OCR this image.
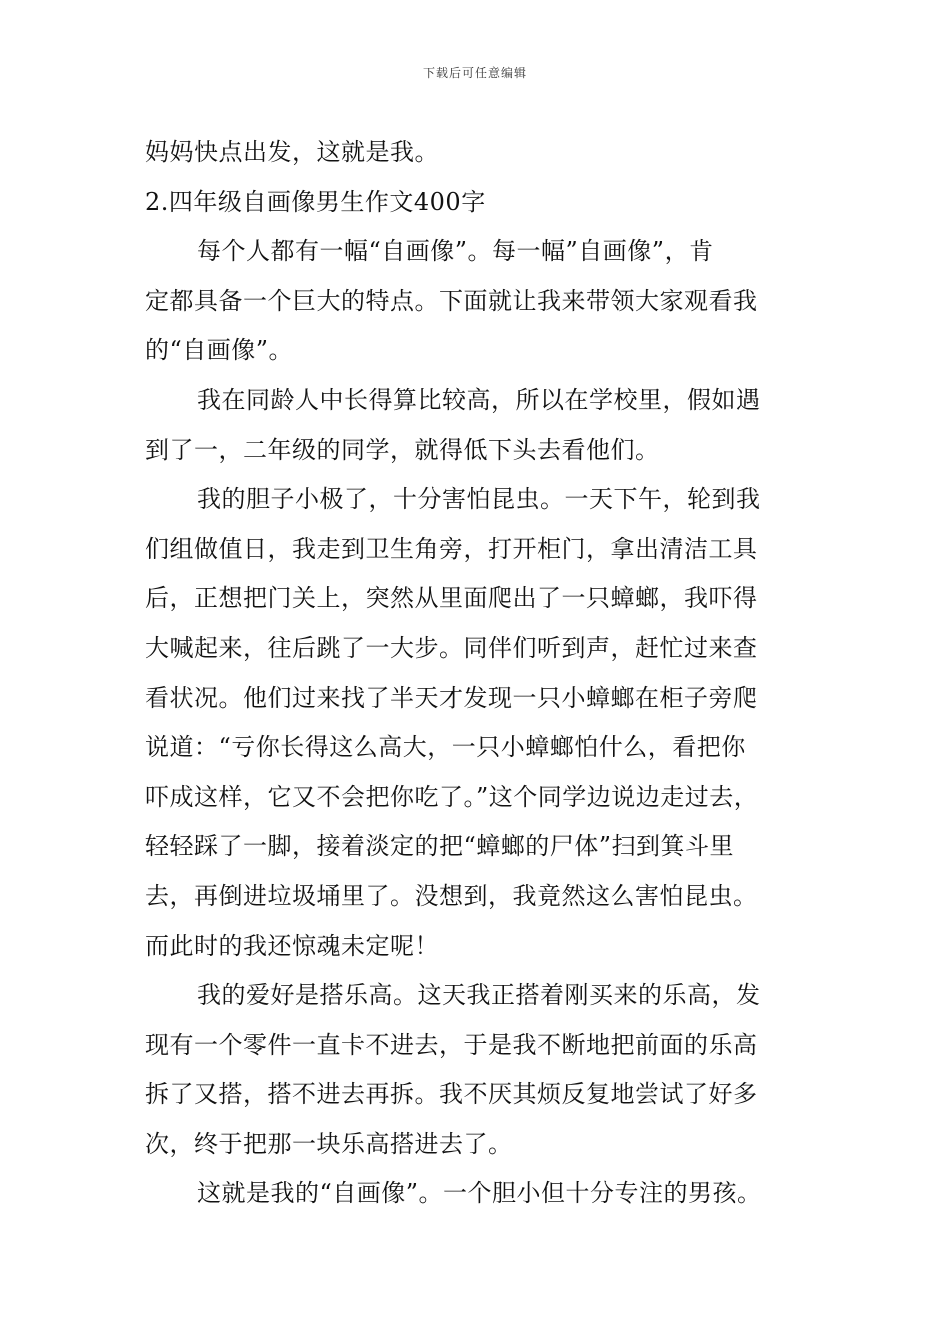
下载后可任意编辑
妈妈快点出发，这就是我。
2.四年级自画像男生作文400字
每个人都有一幅“自画像”。每一幅”自画像”，肯
定都具备一个巨大的特点。下面就让我来带领大家观看我
的“自画像”。
我在同龄人中长得算比较高，所以在学校里，假如遇
到了一，二年级的同学，就得低下头去看他们。
我的胆子小极了，十分害怕昆虫。一天下午，轮到我
们组做值日，我走到卫生角旁，打开柜门，拿出清洁工具
后，正想把门关上，突然从里面爬出了一只蟑螂，我吓得
大喊起来，往后跳了一大步。同伴们听到声，赶忙过来查
看状况。他们过来找了半天才发现一只小蟑螂在柜子旁爬
说道：“亏你长得这么高大，一只小蟑螂怕什么，看把你
吓成这样，它又不会把你吃了。”这个同学边说边走过去，
轻轻踩了一脚，接着淡定的把“蟑螂的尸体”扫到箕斗里
去，再倒进垃圾埇里了。没想到，我竟然这么害怕昆虫。
而此时的我还惊魂未定呢！
我的爱好是搭乐高。这天我正搭着刚买来的乐高，发
现有一个零件一直卡不进去，于是我不断地把前面的乐高
拆了又搭，搭不进去再拆。我不厌其烦反复地尝试了好多
次，终于把那一块乐高搭进去了。
这就是我的“自画像”。一个胆小但十分专注的男孩。
